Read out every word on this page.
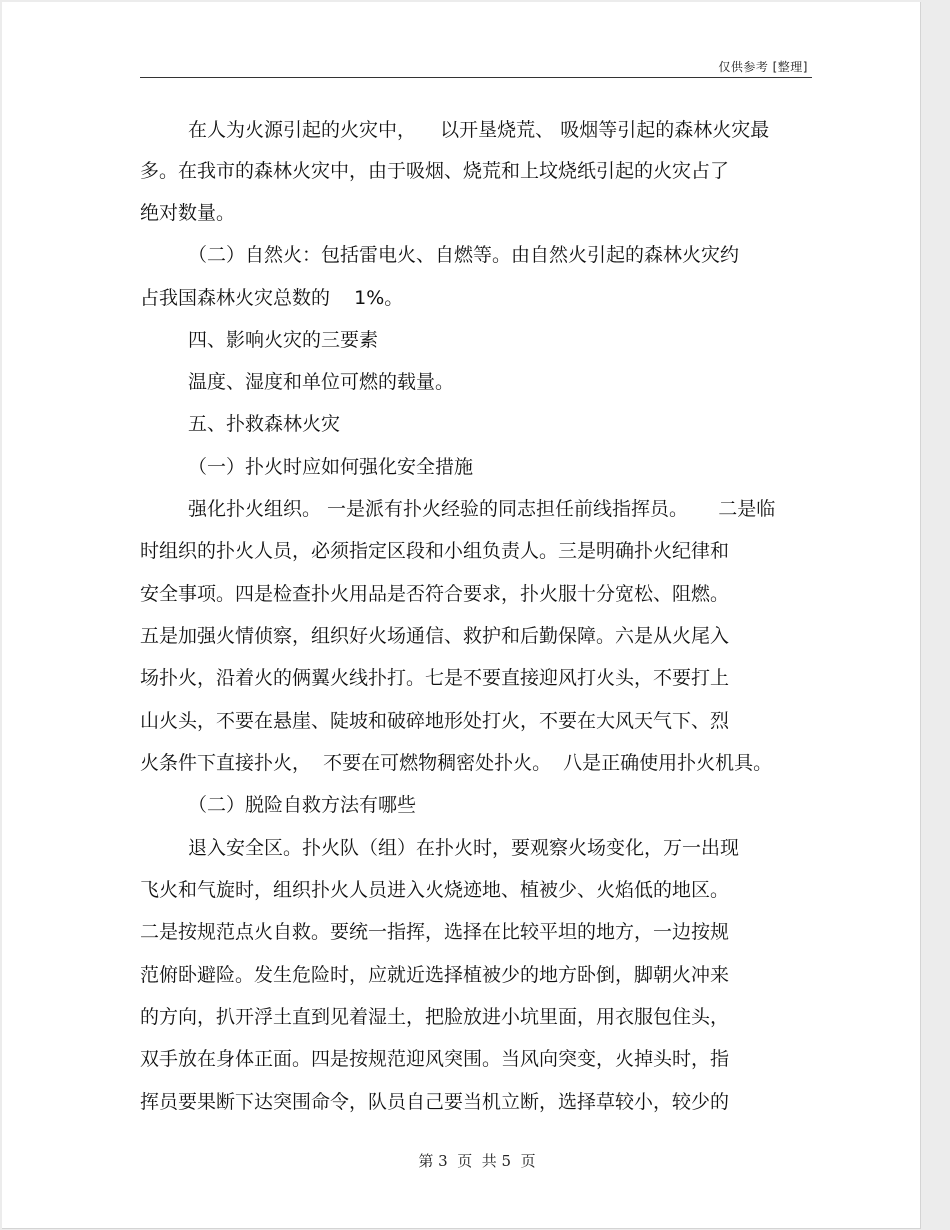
仅供参考 [整理]
在人为火源引起的火灾中，    以开垦烧荒、 吸烟等引起的森林火灾最
多。在我市的森林火灾中，由于吸烟、烧荒和上坟烧纸引起的火灾占了
绝对数量。
（二）自然火：包括雷电火、自燃等。由自然火引起的森林火灾约
占我国森林火灾总数的    1%。
四、影响火灾的三要素
温度、湿度和单位可燃的载量。
五、扑救森林火灾
（一）扑火时应如何强化安全措施
强化扑火组织。 一是派有扑火经验的同志担任前线指挥员。     二是临
时组织的扑火人员，必须指定区段和小组负责人。三是明确扑火纪律和
安全事项。四是检查扑火用品是否符合要求，扑火服十分宽松、阻燃。
五是加强火情侦察，组织好火场通信、救护和后勤保障。六是从火尾入
场扑火，沿着火的俩翼火线扑打。七是不要直接迎风打火头，不要打上
山火头，不要在悬崖、陡坡和破碎地形处打火，不要在大风天气下、烈
火条件下直接扑火，  不要在可燃物稠密处扑火。  八是正确使用扑火机具。
（二）脱险自救方法有哪些
退入安全区。扑火队（组）在扑火时，要观察火场变化，万一出现
飞火和气旋时，组织扑火人员进入火烧迹地、植被少、火焰低的地区。
二是按规范点火自救。要统一指挥，选择在比较平坦的地方，一边按规
范俯卧避险。发生危险时，应就近选择植被少的地方卧倒，脚朝火冲来
的方向，扒开浮土直到见着湿土，把脸放进小坑里面，用衣服包住头，
双手放在身体正面。四是按规范迎风突围。当风向突变，火掉头时，指
挥员要果断下达突围命令，队员自己要当机立断，选择草较小，较少的
第 3  页  共 5  页
